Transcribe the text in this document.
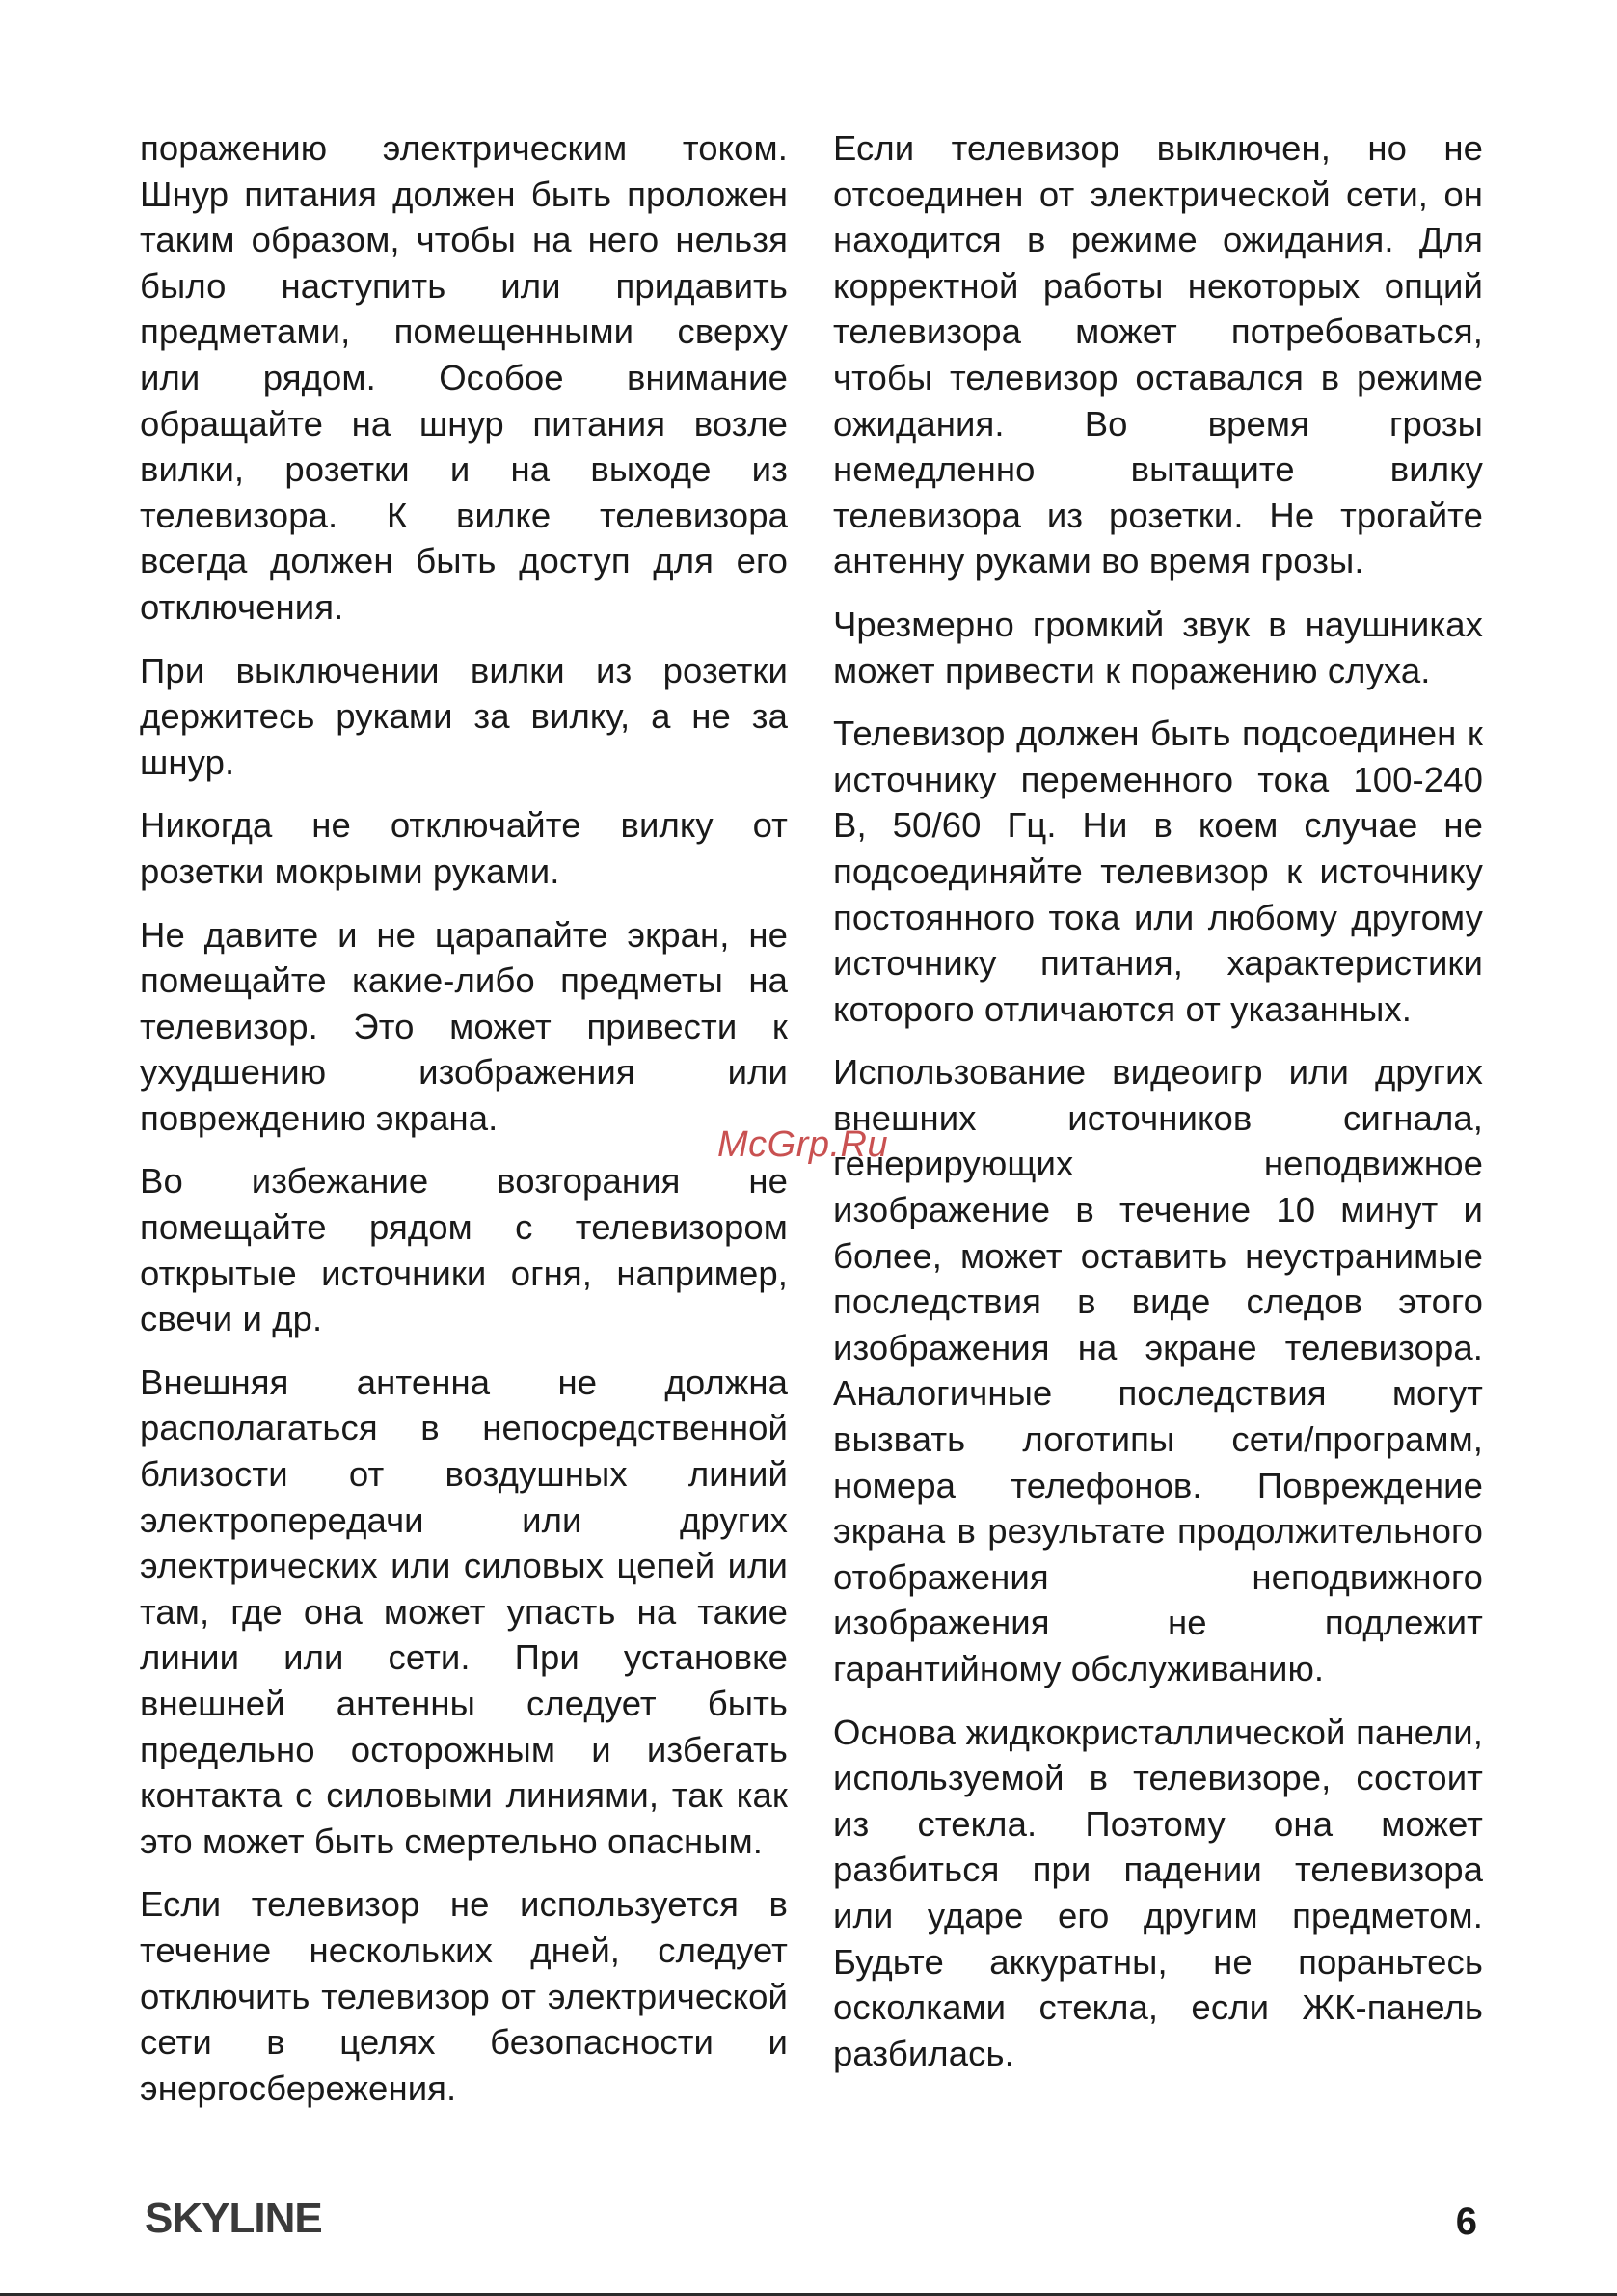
поражению электрическим током. Шнур питания должен быть проложен таким образом, чтобы на него нельзя было наступить или придавить предметами, помещенными сверху или рядом. Особое внимание обращайте на шнур питания возле вилки, розетки и на выходе из телевизора. К вилке телевизора всегда должен быть доступ для его отключения.

При выключении вилки из розетки держитесь руками за вилку, а не за шнур.

Никогда не отключайте вилку от розетки мокрыми руками.

Не давите и не царапайте экран, не помещайте какие-либо предметы на телевизор. Это может привести к ухудшению изображения или повреждению экрана.

Во избежание возгорания не помещайте рядом с телевизором открытые источники огня, например, свечи и др.

Внешняя антенна не должна располагаться в непосредственной близости от воздушных линий электропередачи или других электрических или силовых цепей или там, где она может упасть на такие линии или сети. При установке внешней антенны следует быть предельно осторожным и избегать контакта с силовыми линиями, так как это может быть смертельно опасным.

Если телевизор не используется в течение нескольких дней, следует отключить телевизор от электрической сети в целях безопасности и энергосбережения.

Если телевизор выключен, но не отсоединен от электрической сети, он находится в режиме ожидания. Для корректной работы некоторых опций телевизора может потребоваться, чтобы телевизор оставался в режиме ожидания. Во время грозы немедленно вытащите вилку телевизора из розетки. Не трогайте антенну руками во время грозы.

Чрезмерно громкий звук в наушниках может привести к поражению слуха.

Телевизор должен быть подсоединен к источнику переменного тока 100-240 В, 50/60 Гц. Ни в коем случае не подсоединяйте телевизор к источнику постоянного тока или любому другому источнику питания, характеристики которого отличаются от указанных.

Использование видеоигр или других внешних источников сигнала, генерирующих неподвижное изображение в течение 10 минут и более, может оставить неустранимые последствия в виде следов этого изображения на экране телевизора. Аналогичные последствия могут вызвать логотипы сети/программ, номера телефонов. Повреждение экрана в результате продолжительного отображения неподвижного изображения не подлежит гарантийному обслуживанию.

Основа жидкокристаллической панели, используемой в телевизоре, состоит из стекла. Поэтому она может разбиться при падении телевизора или ударе его другим предметом. Будьте аккуратны, не пораньтесь осколками стекла, если ЖК-панель разбилась.

McGrp.Ru
SKYLINE	6
